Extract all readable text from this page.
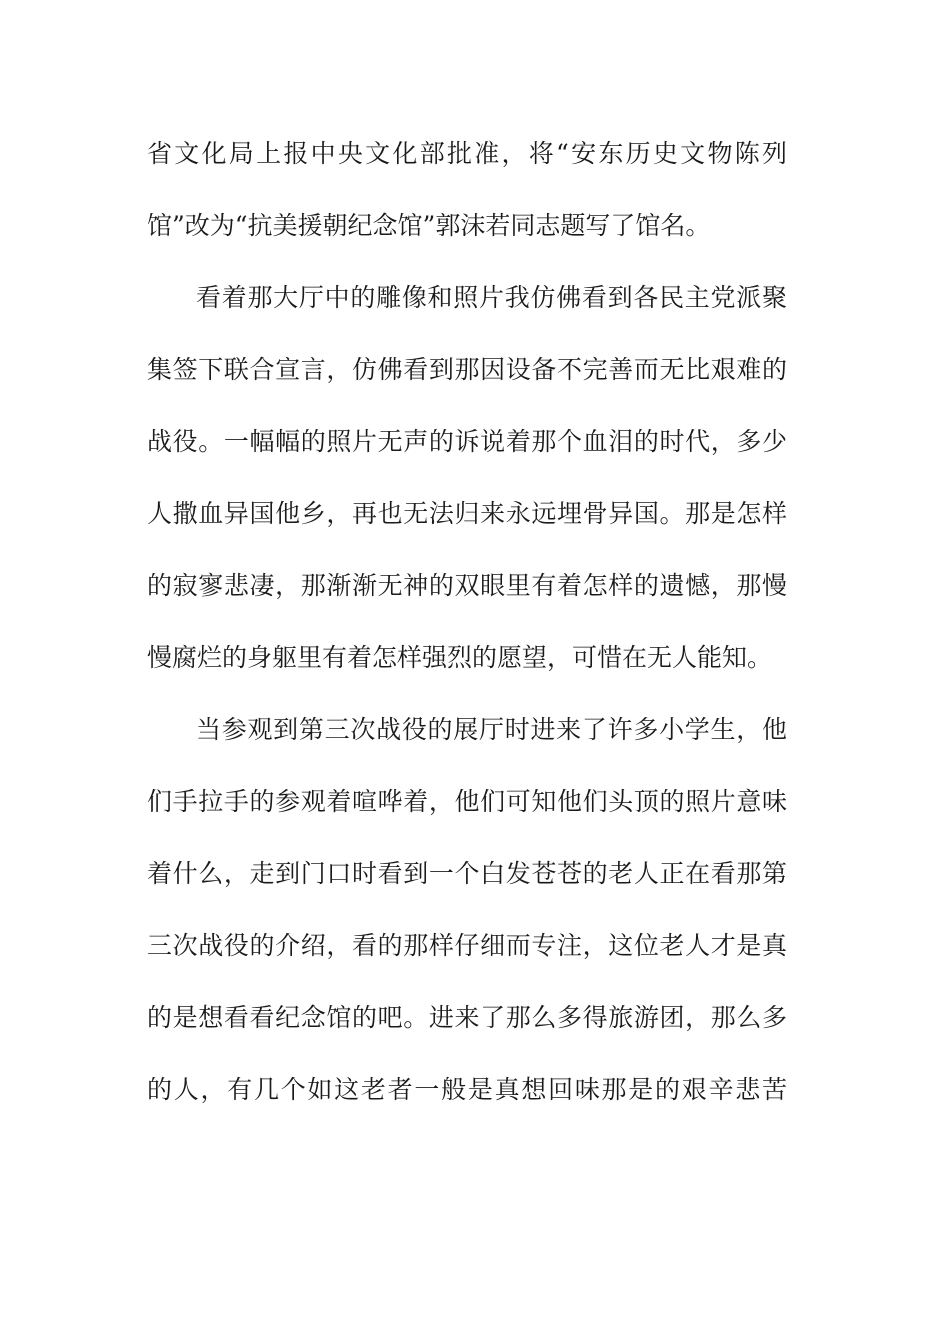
省文化局上报中央文化部批准，将“安东历史文物陈列
馆”改为“抗美援朝纪念馆”郭沫若同志题写了馆名。
看着那大厅中的雕像和照片我仿佛看到各民主党派聚
集签下联合宣言，仿佛看到那因设备不完善而无比艰难的
战役。一幅幅的照片无声的诉说着那个血泪的时代，多少
人撒血异国他乡，再也无法归来永远埋骨异国。那是怎样
的寂寥悲凄，那渐渐无神的双眼里有着怎样的遗憾，那慢
慢腐烂的身躯里有着怎样强烈的愿望，可惜在无人能知。
当参观到第三次战役的展厅时进来了许多小学生，他
们手拉手的参观着喧哗着，他们可知他们头顶的照片意味
着什么，走到门口时看到一个白发苍苍的老人正在看那第
三次战役的介绍，看的那样仔细而专注，这位老人才是真
的是想看看纪念馆的吧。进来了那么多得旅游团，那么多
的人，有几个如这老者一般是真想回味那是的艰辛悲苦
